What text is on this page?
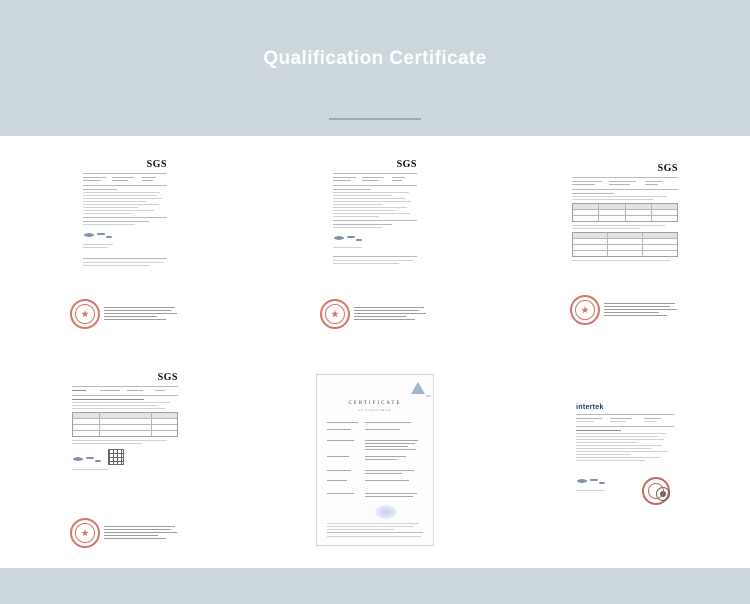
Qualification Certificate
SGS	SGS	SGS
SGS
TÜV
CERTIFICATE
of Conformity	intertek
